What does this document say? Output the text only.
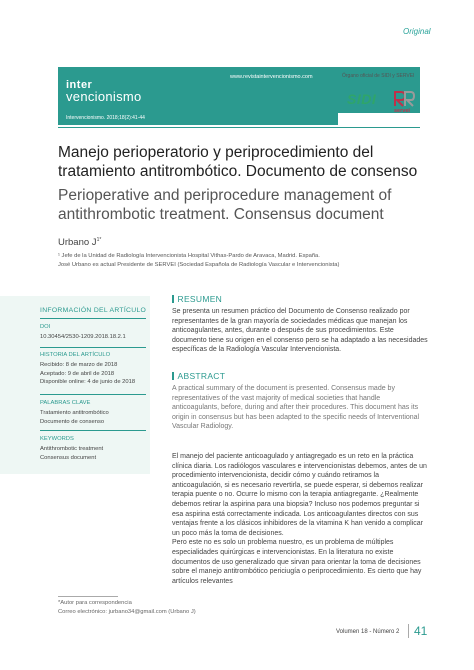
Original
inter
vencionismo
www.revistaintervencionismo.com
Intervencionismo. 2018;18(2):41-44
Órgano oficial de SIDI y SERVEI
SIDI
servei
Manejo perioperatorio y periprocedimiento del tratamiento antitrombótico. Documento de consenso
Perioperative and periprocedure management of antithrombotic treatment. Consensus document
Urbano $J^{1*}$
¹ Jefe de la Unidad de Radiología Intervencionista Hospital Vithas-Pardo de Aravaca, Madrid. España.
José Urbano es actual Presidente de SERVEI (Sociedad Española de Radiología Vascular e Intervencionista)
INFORMACIÓN DEL ARTÍCULO
DOI
10.30454/2530-1209.2018.18.2.1
HISTORIA DEL ARTÍCULO
Recibido: 8 de marzo de 2018
Aceptado: 9 de abril de 2018
Disponible online: 4 de junio de 2018
PALABRAS CLAVE
Tratamiento antitrombótico
Documento de consenso
KEYWORDS
Antithrombotic treatment
Consensus document
RESUMEN
Se presenta un resumen práctico del Documento de Consenso realizado por representantes de la gran mayoría de sociedades médicas que manejan los anticoagulantes, antes, durante o después de sus procedimientos. Este documento tiene su origen en el consenso pero se ha adaptado a las necesidades específicas de la Radiología Vascular Intervencionista.
ABSTRACT
A practical summary of the document is presented. Consensus made by representatives of the vast majority of medical societies that handle anticoagulants, before, during and after their procedures. This document has its origin in consensus but has been adapted to the specific needs of Interventional Vascular Radiology.

El manejo del paciente anticoagulado y antiagregado es un reto en la práctica clínica diaria. Los radiólogos vasculares e intervencionistas debemos, antes de un procedimiento intervencionista, decidir cómo y cuándo retiramos la anticoagulación, si es necesario revertirla, se puede esperar, si debemos realizar terapia puente o no. Ocurre lo mismo con la terapia antiagregante. ¿Realmente debemos retirar la aspirina para una biopsia? Incluso nos podemos preguntar si esa aspirina está correctamente indicada. Los anticoagulantes directos con sus ventajas frente a los clásicos inhibidores de la vitamina K han venido a complicar un poco más la toma de decisiones.

Pero este no es solo un problema nuestro, es un problema de múltiples especialidades quirúrgicas e intervencionistas. En la literatura no existe documentos de uso generalizado que sirvan para orientar la toma de decisiones sobre el manejo antitrombótico periciugía o periprocedimiento. Es cierto que hay artículos relevantes

*Autor para correspondencia
Correo electrónico: jurbano34@gmail.com (Urbano J)
Volumen 18 - Número 2 41
